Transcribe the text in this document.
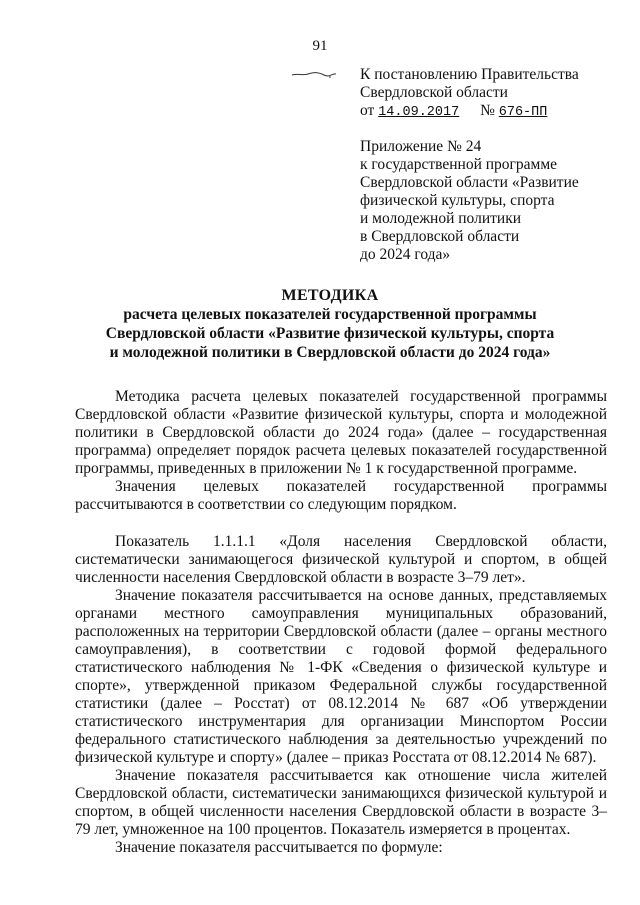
91
К постановлению Правительства
Свердловской области
от 14.09.2017 № 676-ПП
Приложение № 24
к государственной программе
Свердловской области «Развитие
физической культуры, спорта
и молодежной политики
в Свердловской области
до 2024 года»
МЕТОДИКА
расчета целевых показателей государственной программы
Свердловской области «Развитие физической культуры, спорта
и молодежной политики в Свердловской области до 2024 года»

Методика расчета целевых показателей государственной программы Свердловской области «Развитие физической культуры, спорта и молодежной политики в Свердловской области до 2024 года» (далее – государственная программа) определяет порядок расчета целевых показателей государственной программы, приведенных в приложении № 1 к государственной программе.

Значения целевых показателей государственной программы рассчитываются в соответствии со следующим порядком.

Показатель 1.1.1.1 «Доля населения Свердловской области, систематически занимающегося физической культурой и спортом, в общей численности населения Свердловской области в возрасте 3–79 лет».

Значение показателя рассчитывается на основе данных, представляемых органами местного самоуправления муниципальных образований, расположенных на территории Свердловской области (далее – органы местного самоуправления), в соответствии с годовой формой федерального статистического наблюдения № 1-ФК «Сведения о физической культуре и спорте», утвержденной приказом Федеральной службы государственной статистики (далее – Росстат) от 08.12.2014 № 687 «Об утверждении статистического инструментария для организации Минспортом России федерального статистического наблюдения за деятельностью учреждений по физической культуре и спорту» (далее – приказ Росстата от 08.12.2014 № 687).

Значение показателя рассчитывается как отношение числа жителей Свердловской области, систематически занимающихся физической культурой и спортом, в общей численности населения Свердловской области в возрасте 3–79 лет, умноженное на 100 процентов. Показатель измеряется в процентах.

Значение показателя рассчитывается по формуле:
